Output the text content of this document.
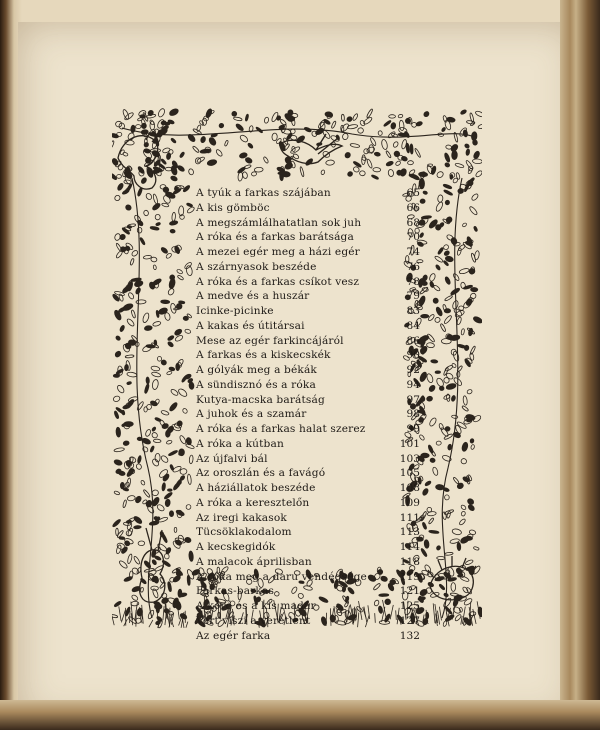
A tyúk a farkas szájában	65
A kis gömböc	66
A megszámlálhatatlan sok juh	68
A róka és a farkas barátsága	70
A mezei egér meg a házi egér	74
A szárnyasok beszéde	76
A róka és a farkas csíkot vesz	78
A medve és a huszár	79
Icinke-picinke	83
A kakas és útitársai	84
Mese az egér farkincájáról	86
A farkas és a kiskecskék	90
A gólyák meg a békák	92
A sündisznó és a róka	94
Kutya-macska barátság	97
A juhok és a szamár	98
A róka és a farkas halat szerez	99
A róka a kútban	101
Az újfalvi bál	103
Az oroszlán és a favágó	105
A háziállatok beszéde	108
A róka a keresztelőn	109
Az iregi kakasok	111
Tücsöklakodalom	113
A kecskegidók	114
A malacok áprilisban	118
A róka meg a daru vendégsége	119
Farkas-barkas	121
A kóró és a kis madár	125
Vert viszi a veretlent	127
Az egér farka	132
